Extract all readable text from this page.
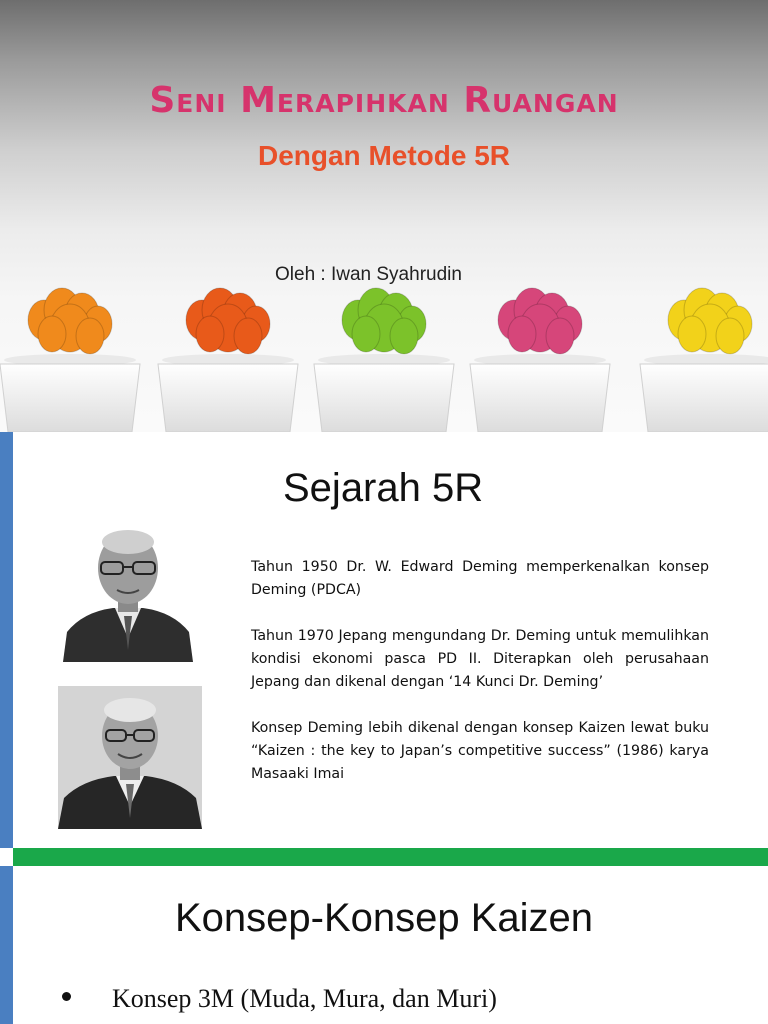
Seni Merapihkan Ruangan
Dengan Metode 5R
Oleh : Iwan Syahrudin
Sejarah 5R

Tahun 1950 Dr. W. Edward Deming memperkenalkan konsep Deming (PDCA)

Tahun 1970 Jepang mengundang Dr. Deming untuk memulihkan kondisi ekonomi pasca PD II. Diterapkan oleh perusahaan Jepang dan dikenal dengan ‘14 Kunci Dr. Deming’

Konsep Deming lebih dikenal dengan konsep Kaizen lewat buku “Kaizen : the key to Japan’s competitive success” (1986) karya Masaaki Imai

Konsep-Konsep Kaizen
Konsep 3M (Muda, Mura, dan Muri)
